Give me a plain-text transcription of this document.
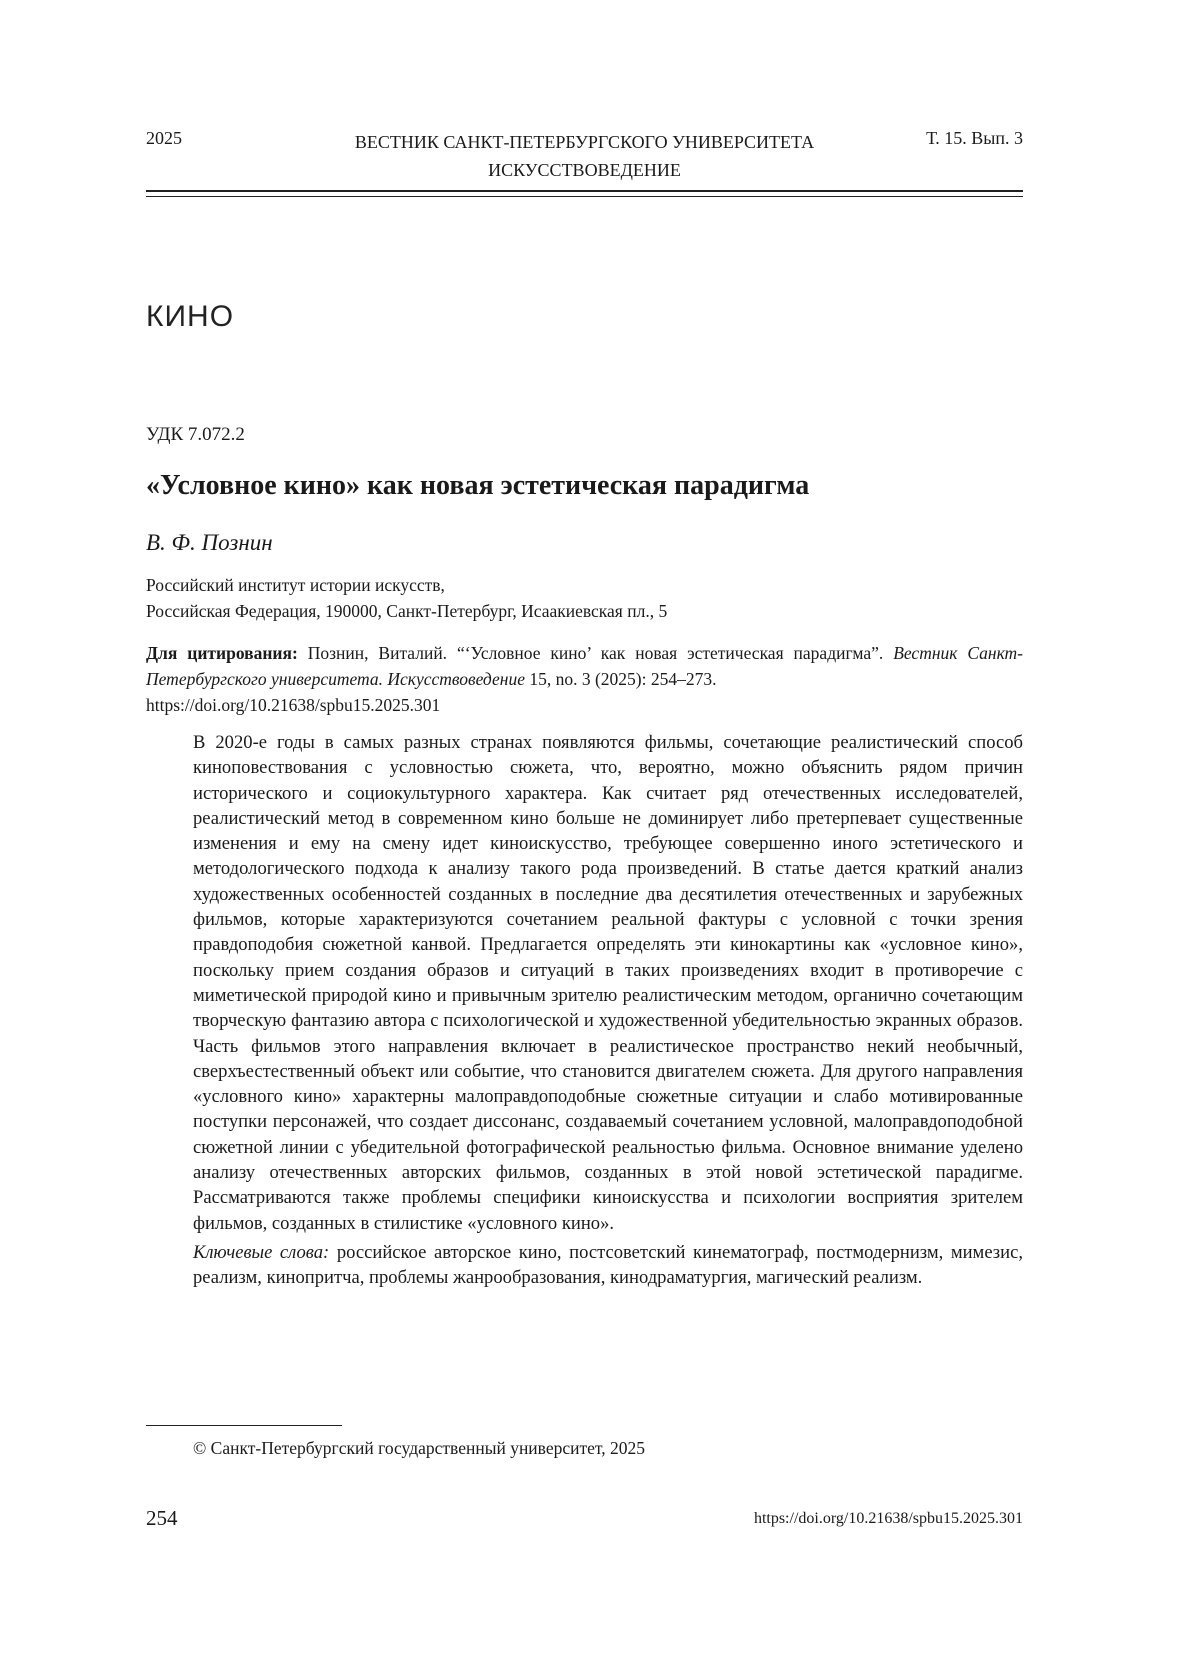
2025	ВЕСТНИК САНКТ-ПЕТЕРБУРГСКОГО УНИВЕРСИТЕТА
ИСКУССТВОВЕДЕНИЕ
Т. 15. Вып. 3
КИНО
УДК 7.072.2
«Условное кино» как новая эстетическая парадигма
В. Ф. Познин
Российский институт истории искусств,
Российская Федерация, 190000, Санкт-Петербург, Исаакиевская пл., 5
Для цитирования: Познин, Виталий. “‘Условное кино’ как новая эстетическая парадигма”. Вестник Санкт-Петербургского университета. Искусствоведение 15, no. 3 (2025): 254–273.
https://doi.org/10.21638/spbu15.2025.301

В 2020-е годы в самых разных странах появляются фильмы, сочетающие реалистический способ киноповествования с условностью сюжета, что, вероятно, можно объяснить рядом причин исторического и социокультурного характера. Как считает ряд отечественных исследователей, реалистический метод в современном кино больше не доминирует либо претерпевает существенные изменения и ему на смену идет киноискусство, требующее совершенно иного эстетического и методологического подхода к анализу такого рода произведений. В статье дается краткий анализ художественных особенностей созданных в последние два десятилетия отечественных и зарубежных фильмов, которые характеризуются сочетанием реальной фактуры с условной с точки зрения правдоподобия сюжетной канвой. Предлагается определять эти кинокартины как «условное кино», поскольку прием создания образов и ситуаций в таких произведениях входит в противоречие с миметической природой кино и привычным зрителю реалистическим методом, органично сочетающим творческую фантазию автора с психологической и художественной убедительностью экранных образов. Часть фильмов этого направления включает в реалистическое пространство некий необычный, сверхъестественный объект или событие, что становится двигателем сюжета. Для другого направления «условного кино» характерны малоправдоподобные сюжетные ситуации и слабо мотивированные поступки персонажей, что создает диссонанс, создаваемый сочетанием условной, малоправдоподобной сюжетной линии с убедительной фотографической реальностью фильма. Основное внимание уделено анализу отечественных авторских фильмов, созданных в этой новой эстетической парадигме. Рассматриваются также проблемы специфики киноискусства и психологии восприятия зрителем фильмов, созданных в стилистике «условного кино».

Ключевые слова: российское авторское кино, постсоветский кинематограф, постмодернизм, мимезис, реализм, кинопритча, проблемы жанрообразования, кинодраматургия, магический реализм.

© Санкт-Петербургский государственный университет, 2025
254	https://doi.org/10.21638/spbu15.2025.301
